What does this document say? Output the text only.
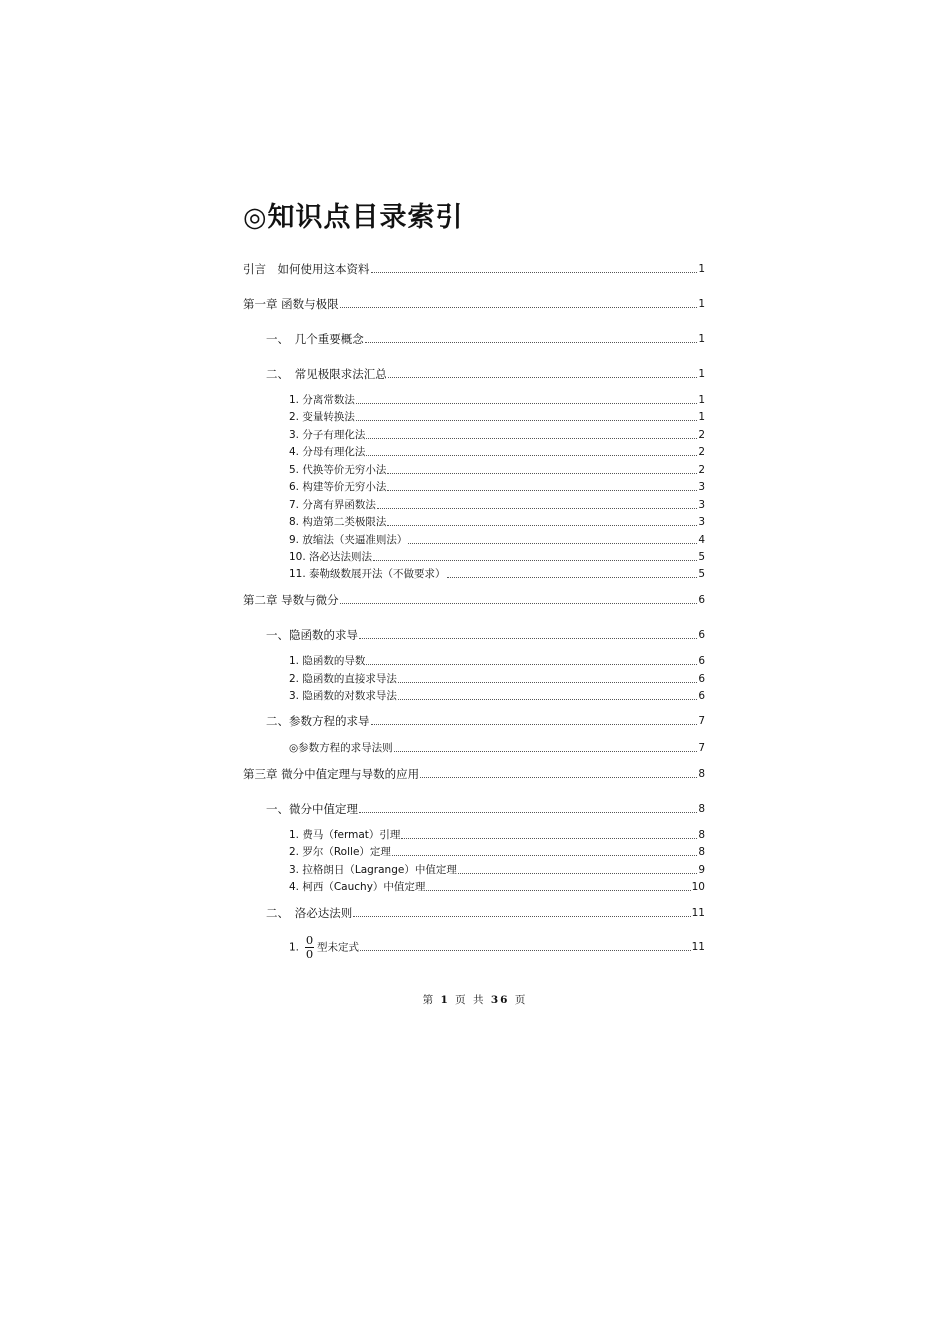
◎知识点目录索引
引言　如何使用这本资料	1
第一章 函数与极限	1
一、　几个重要概念	1
二、　常见极限求法汇总	1
1. 分离常数法	1
2. 变量转换法	1
3. 分子有理化法	2
4. 分母有理化法	2
5. 代换等价无穷小法	2
6. 构建等价无穷小法	3
7. 分离有界函数法	3
8. 构造第二类极限法	3
9. 放缩法（夹逼准则法）	4
10. 洛必达法则法	5
11. 泰勒级数展开法（不做要求）	5
第二章 导数与微分	6
一、隐函数的求导	6
1. 隐函数的导数	6
2. 隐函数的直接求导法	6
3. 隐函数的对数求导法	6
二、参数方程的求导	7
◎参数方程的求导法则	7
第三章 微分中值定理与导数的应用	8
一、微分中值定理	8
1. 费马（fermat）引理	8
2. 罗尔（Rolle）定理	8
3. 拉格朗日（Lagrange）中值定理	9
4. 柯西（Cauchy）中值定理	10
二、　洛必达法则	11
1. $\frac{0}{0}$ 型未定式	11
第 1 页 共 36 页
